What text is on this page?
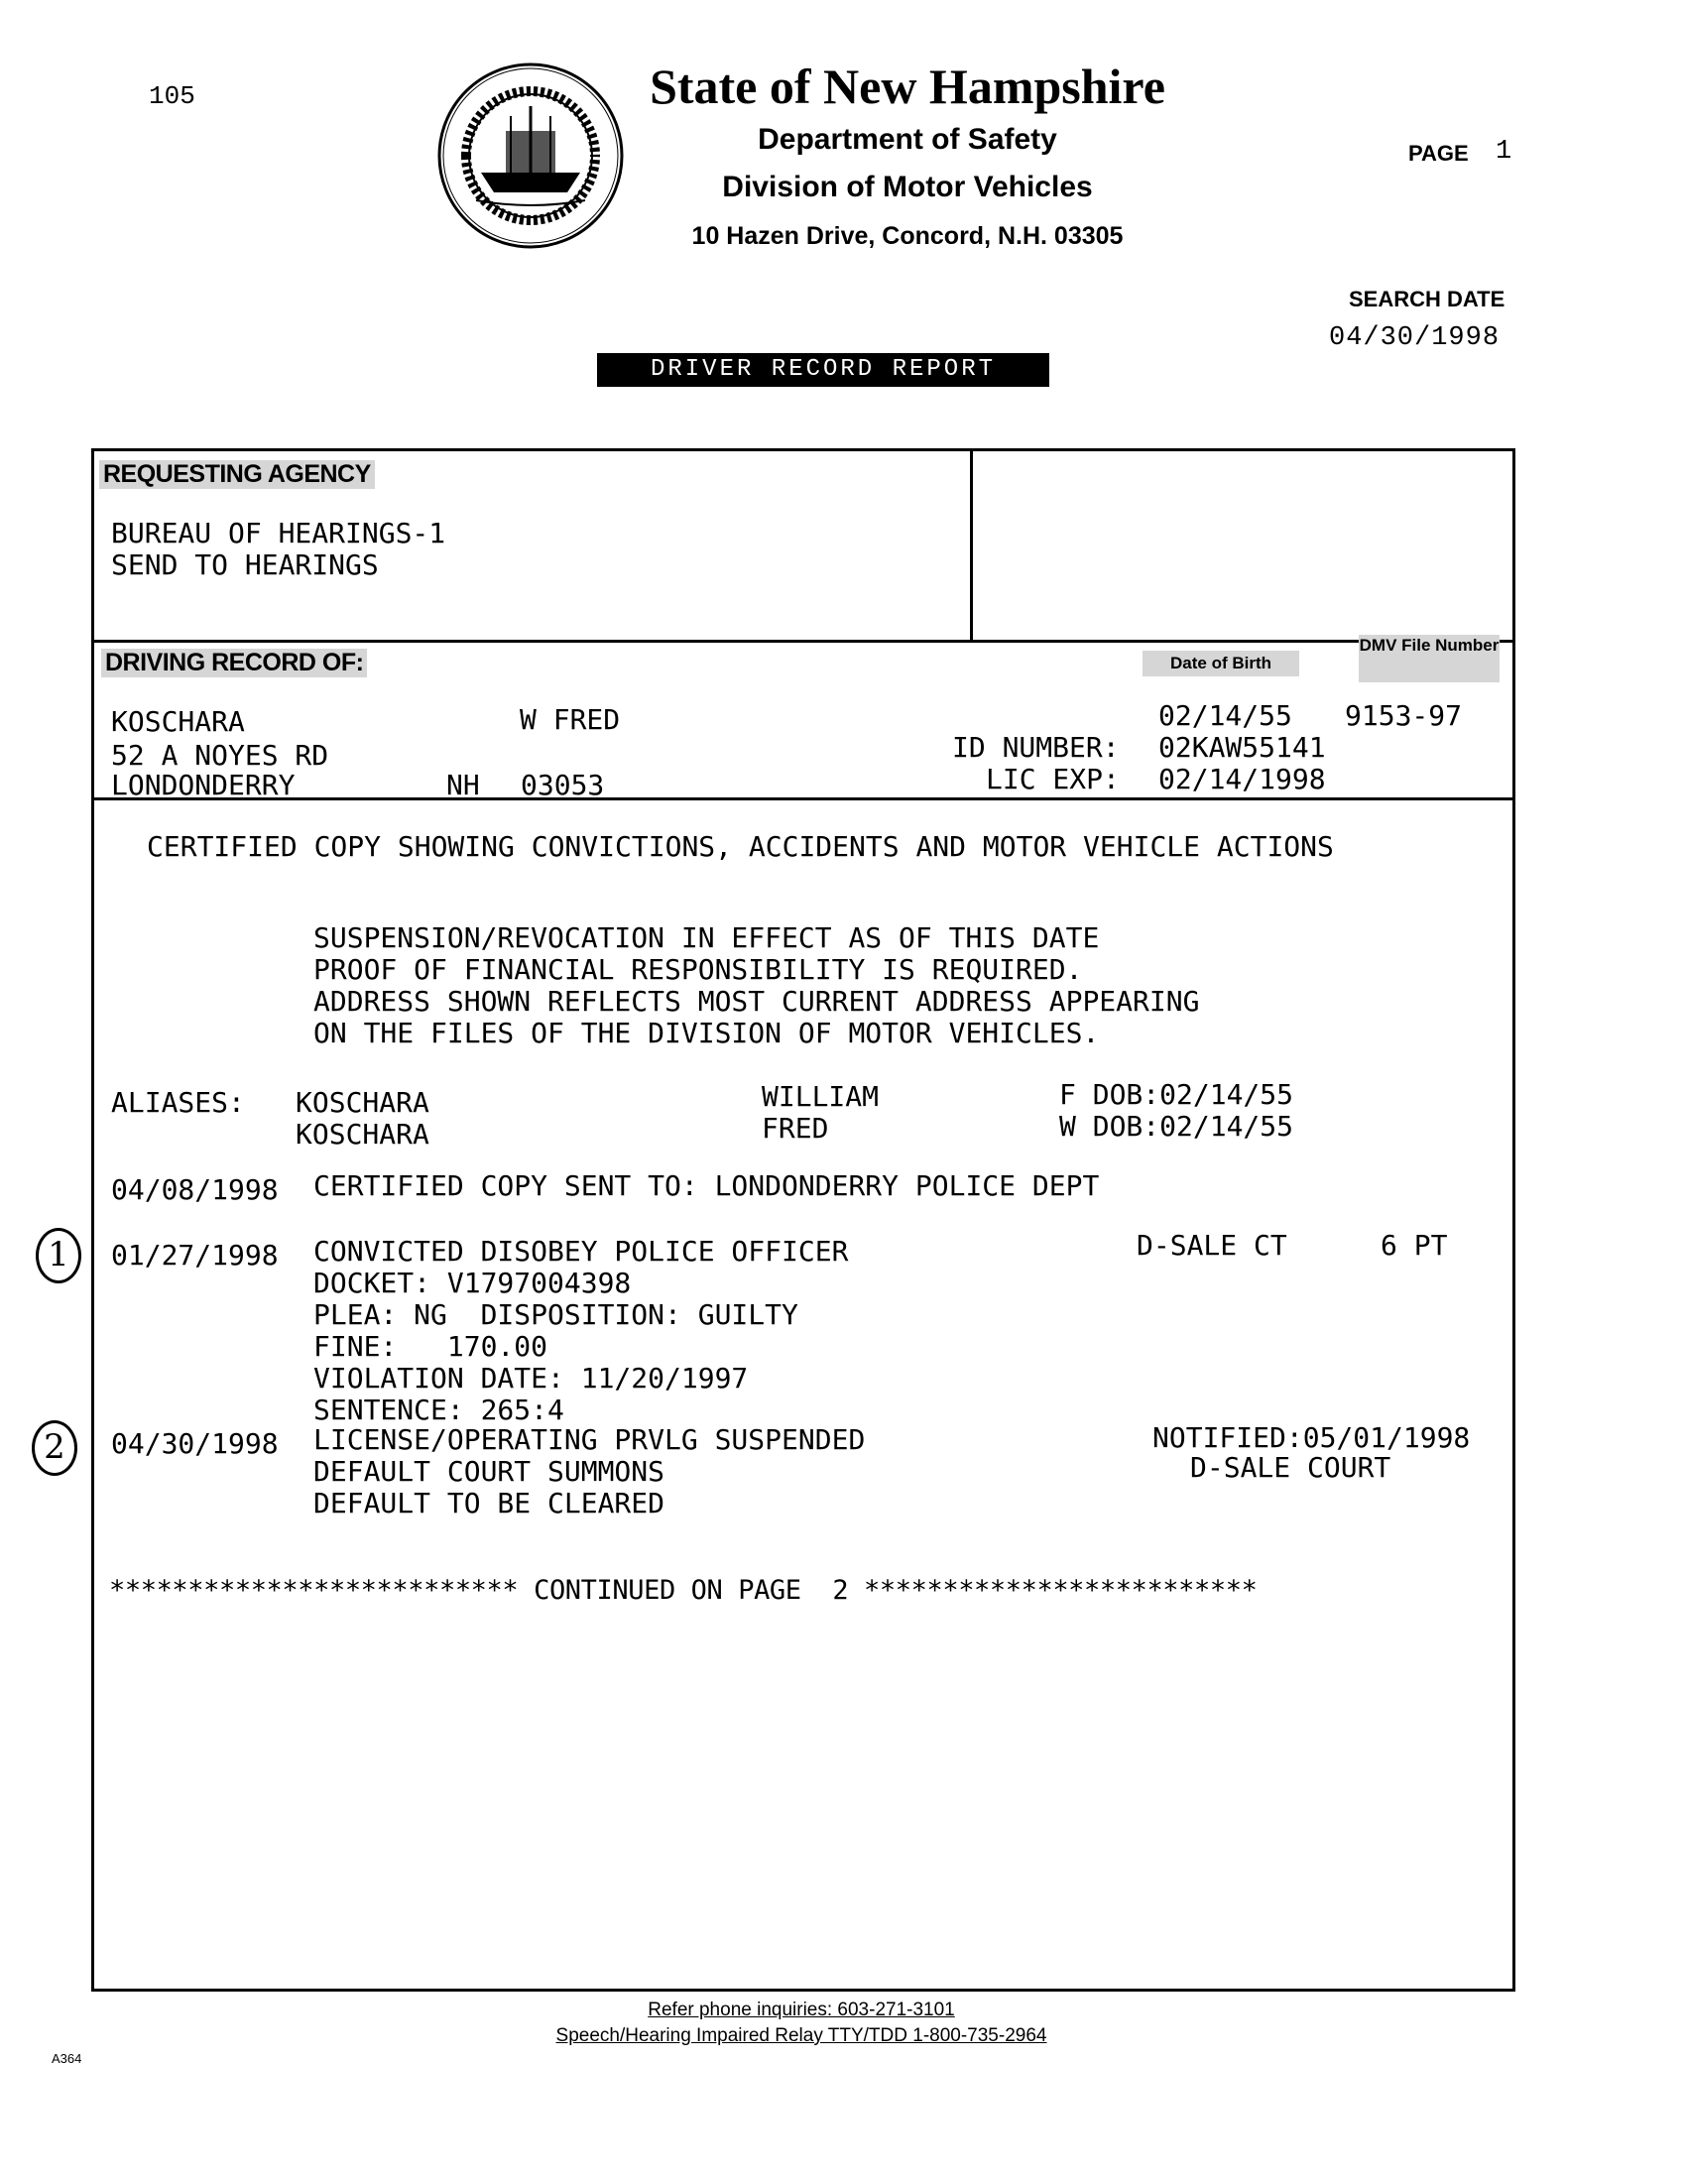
105	State of New Hampshire
Department of Safety
Division of Motor Vehicles
10 Hazen Drive, Concord, N.H. 03305
PAGE 1
SEARCH DATE
04/30/1998
DRIVER RECORD REPORT
REQUESTING AGENCY
BUREAU OF HEARINGS-1
SEND TO HEARINGS
DRIVING RECORD OF:	Date of Birth
DMV File Number
KOSCHARA	W FRED
52 A NOYES RD
LONDONDERRY	NH 03053
02/14/55 9153-97
ID NUMBER: 02KAW55141
LIC EXP: 02/14/1998
CERTIFIED COPY SHOWING CONVICTIONS, ACCIDENTS AND MOTOR VEHICLE ACTIONS
SUSPENSION/REVOCATION IN EFFECT AS OF THIS DATE
PROOF OF FINANCIAL RESPONSIBILITY IS REQUIRED.
ADDRESS SHOWN REFLECTS MOST CURRENT ADDRESS APPEARING
ON THE FILES OF THE DIVISION OF MOTOR VEHICLES.
ALIASES: KOSCHARA	WILLIAM	F DOB:02/14/55
KOSCHARA	FRED	W DOB:02/14/55
04/08/1998 CERTIFIED COPY SENT TO: LONDONDERRY POLICE DEPT
1	01/27/1998 CONVICTED DISOBEY POLICE OFFICER
DOCKET: V1797004398
PLEA: NG  DISPOSITION: GUILTY
FINE:   170.00
VIOLATION DATE: 11/20/1997
SENTENCE: 265:4
D-SALE CT	6 PT
2	04/30/1998 LICENSE/OPERATING PRVLG SUSPENDED
DEFAULT COURT SUMMONS
DEFAULT TO BE CLEARED
NOTIFIED:05/01/1998
D-SALE COURT
************************** CONTINUED ON PAGE  2 *************************
Refer phone inquiries: 603-271-3101
Speech/Hearing Impaired Relay TTY/TDD 1-800-735-2964
A364
